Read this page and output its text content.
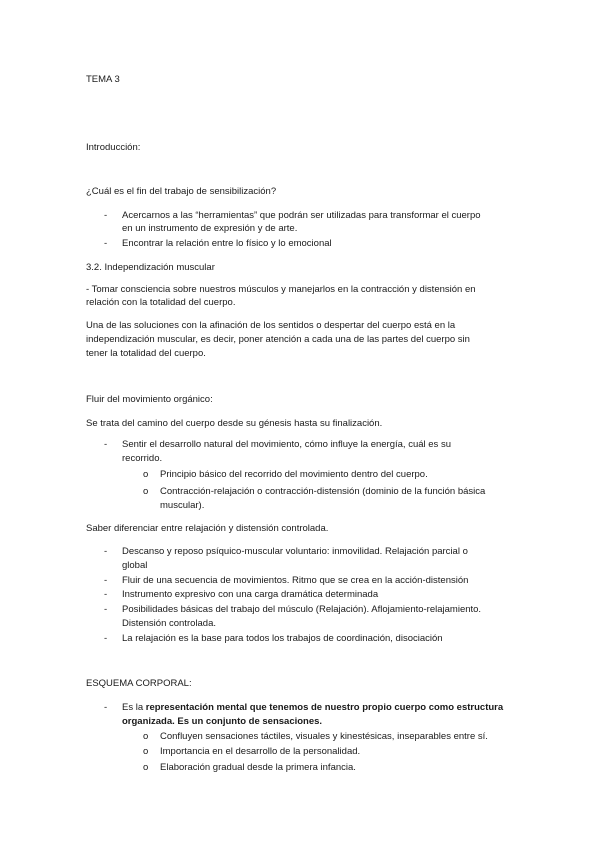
TEMA 3
Introducción:
¿Cuál es el fin del trabajo de sensibilización?
- Acercarnos a las “herramientas” que podrán ser utilizadas para transformar el cuerpo
en un instrumento de expresión y de arte.
- Encontrar la relación entre lo físico y lo emocional
3.2. Independización muscular
- Tomar consciencia sobre nuestros músculos y manejarlos en la contracción y distensión en
relación con la totalidad del cuerpo.
Una de las soluciones con la afinación de los sentidos o despertar del cuerpo está en la
independización muscular, es decir, poner atención a cada una de las partes del cuerpo sin
tener la totalidad del cuerpo.
Fluir del movimiento orgánico:
Se trata del camino del cuerpo desde su génesis hasta su finalización.
- Sentir el desarrollo natural del movimiento, cómo influye la energía, cuál es su
recorrido.
o Principio básico del recorrido del movimiento dentro del cuerpo.
o Contracción-relajación o contracción-distensión (dominio de la función básica
muscular).
Saber diferenciar entre relajación y distensión controlada.
- Descanso y reposo psíquico-muscular voluntario: inmovilidad. Relajación parcial o
global
- Fluir de una secuencia de movimientos. Ritmo que se crea en la acción-distensión
- Instrumento expresivo con una carga dramática determinada
- Posibilidades básicas del trabajo del músculo (Relajación). Aflojamiento-relajamiento.
Distensión controlada.
- La relajación es la base para todos los trabajos de coordinación, disociación
ESQUEMA CORPORAL:
- Es la representación mental que tenemos de nuestro propio cuerpo como estructura
organizada. Es un conjunto de sensaciones.
o Confluyen sensaciones táctiles, visuales y kinestésicas, inseparables entre sí.
o Importancia en el desarrollo de la personalidad.
o Elaboración gradual desde la primera infancia.
